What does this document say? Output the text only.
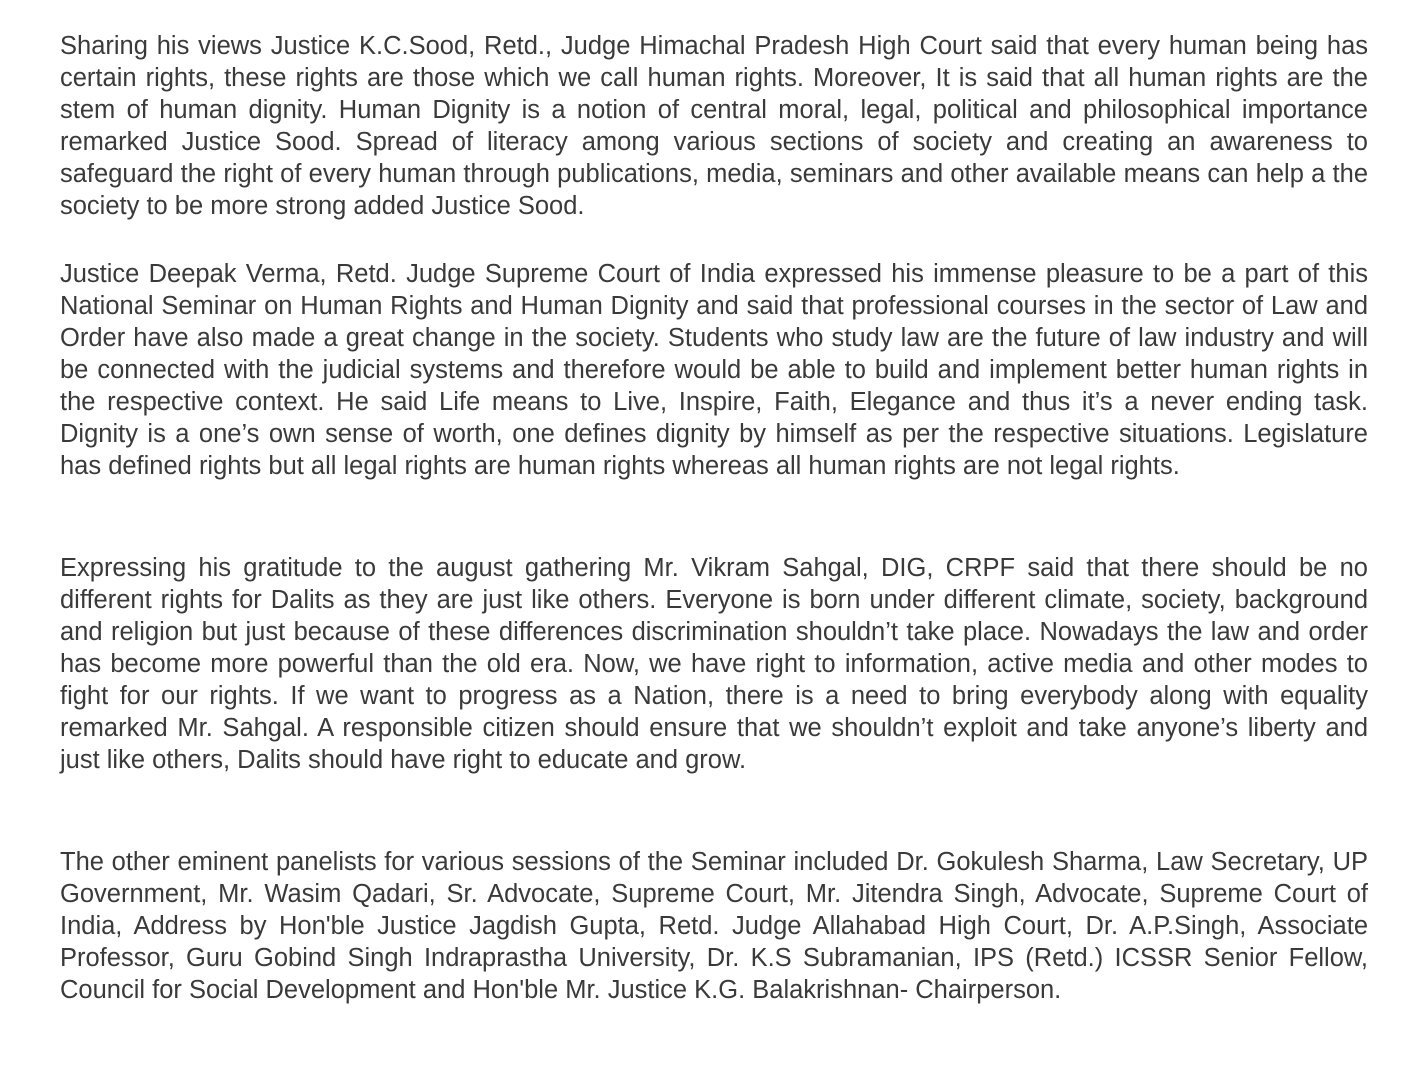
Sharing his views Justice K.C.Sood, Retd., Judge Himachal Pradesh High Court said that every human being has certain rights, these rights are those which we call human rights. Moreover, It is said that all human rights are the stem of human dignity. Human Dignity is a notion of central moral, legal, political and philosophical importance remarked Justice Sood. Spread of literacy among various sections of society and creating an awareness to safeguard the right of every human through publications, media, seminars and other available means can help a the society to be more strong added Justice Sood.

Justice Deepak Verma, Retd. Judge Supreme Court of India expressed his immense pleasure to be a part of this National Seminar on Human Rights and Human Dignity and said that professional courses in the sector of Law and Order have also made a great change in the society. Students who study law are the future of law industry and will be connected with the judicial systems and therefore would be able to build and implement better human rights in the respective context. He said Life means to Live, Inspire, Faith, Elegance and thus it’s a never ending task. Dignity is a one’s own sense of worth, one defines dignity by himself as per the respective situations. Legislature has defined rights but all legal rights are human rights whereas all human rights are not legal rights.

Expressing his gratitude to the august gathering Mr. Vikram Sahgal, DIG, CRPF said that there should be no different rights for Dalits as they are just like others. Everyone is born under different climate, society, background and religion but just because of these differences discrimination shouldn’t take place. Nowadays the law and order has become more powerful than the old era. Now, we have right to information, active media and other modes to fight for our rights. If we want to progress as a Nation, there is a need to bring everybody along with equality remarked Mr. Sahgal. A responsible citizen should ensure that we shouldn’t exploit and take anyone’s liberty and just like others, Dalits should have right to educate and grow.

The other eminent panelists for various sessions of the Seminar included Dr. Gokulesh Sharma, Law Secretary, UP Government, Mr. Wasim Qadari, Sr. Advocate, Supreme Court, Mr. Jitendra Singh, Advocate, Supreme Court of India, Address by Hon'ble Justice Jagdish Gupta, Retd. Judge Allahabad High Court, Dr. A.P.Singh, Associate Professor, Guru Gobind Singh Indraprastha University, Dr. K.S Subramanian, IPS (Retd.) ICSSR Senior Fellow, Council for Social Development and Hon'ble Mr. Justice K.G. Balakrishnan- Chairperson.
